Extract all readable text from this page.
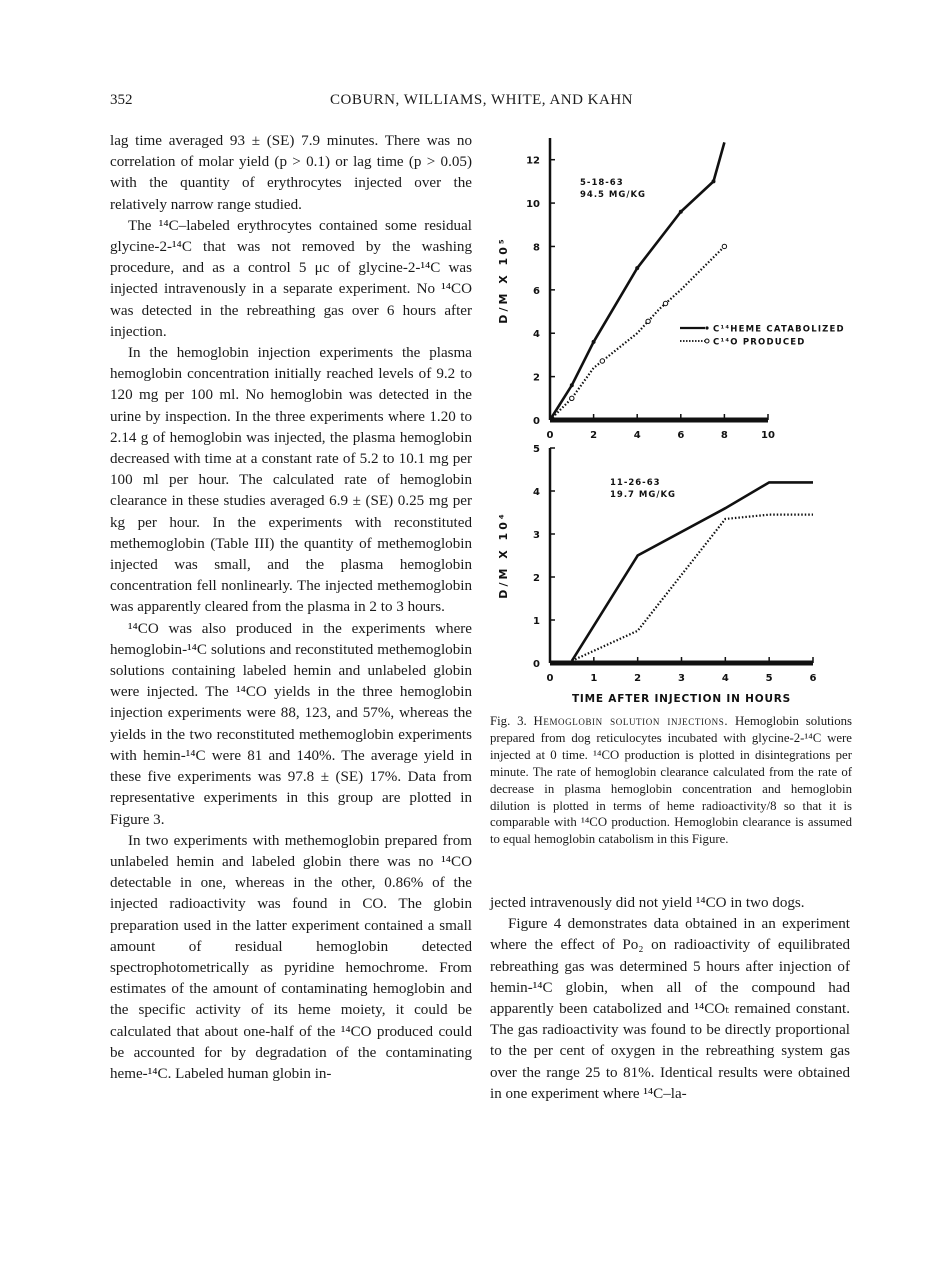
352	COBURN, WILLIAMS, WHITE, AND KAHN

lag time averaged 93 ± (SE) 7.9 minutes. There was no correlation of molar yield (p > 0.1) or lag time (p > 0.05) with the quantity of erythrocytes injected over the relatively narrow range studied.

The ¹⁴C–labeled erythrocytes contained some residual glycine-2-¹⁴C that was not removed by the washing procedure, and as a control 5 μc of glycine-2-¹⁴C was injected intravenously in a separate experiment. No ¹⁴CO was detected in the rebreathing gas over 6 hours after injection.

In the hemoglobin injection experiments the plasma hemoglobin concentration initially reached levels of 9.2 to 120 mg per 100 ml. No hemoglobin was detected in the urine by inspection. In the three experiments where 1.20 to 2.14 g of hemoglobin was injected, the plasma hemoglobin decreased with time at a constant rate of 5.2 to 10.1 mg per 100 ml per hour. The calculated rate of hemoglobin clearance in these studies averaged 6.9 ± (SE) 0.25 mg per kg per hour. In the experiments with reconstituted methemoglobin (Table III) the quantity of methemoglobin injected was small, and the plasma hemoglobin concentration fell nonlinearly. The injected methemoglobin was apparently cleared from the plasma in 2 to 3 hours.

¹⁴CO was also produced in the experiments where hemoglobin-¹⁴C solutions and reconstituted methemoglobin solutions containing labeled hemin and unlabeled globin were injected. The ¹⁴CO yields in the three hemoglobin injection experiments were 88, 123, and 57%, whereas the yields in the two reconstituted methemoglobin experiments with hemin-¹⁴C were 81 and 140%. The average yield in these five experiments was 97.8 ± (SE) 17%. Data from representative experiments in this group are plotted in Figure 3.

In two experiments with methemoglobin prepared from unlabeled hemin and labeled globin there was no ¹⁴CO detectable in one, whereas in the other, 0.86% of the injected radioactivity was found in CO. The globin preparation used in the latter experiment contained a small amount of residual hemoglobin detected spectrophotometrically as pyridine hemochrome. From estimates of the amount of contaminating hemoglobin and the specific activity of its heme moiety, it could be calculated that about one-half of the ¹⁴CO produced could be accounted for by degradation of the contaminating heme-¹⁴C. Labeled human globin in-

0
2
4
6
8
10
12
0	2	4	6	8	10
D/M X 10⁵
5-18-63
94.5 MG/KG
C¹⁴HEME CATABOLIZED
C¹⁴O PRODUCED
0
1
2
3
4
5
0	1	2	3	4	5	6
D/M X 10⁴
11-26-63
19.7 MG/KG
TIME AFTER INJECTION IN HOURS
Fig. 3. Hemoglobin solution injections. Hemoglobin solutions prepared from dog reticulocytes incubated with glycine-2-¹⁴C were injected at 0 time. ¹⁴CO production is plotted in disintegrations per minute. The rate of hemoglobin clearance calculated from the rate of decrease in plasma hemoglobin concentration and hemoglobin dilution is plotted in terms of heme radioactivity/8 so that it is comparable with ¹⁴CO production. Hemoglobin clearance is assumed to equal hemoglobin catabolism in this Figure.

jected intravenously did not yield ¹⁴CO in two dogs.

Figure 4 demonstrates data obtained in an experiment where the effect of Po₂ on radioactivity of equilibrated rebreathing gas was determined 5 hours after injection of hemin-¹⁴C globin, when all of the compound had apparently been catabolized and ¹⁴COₜ remained constant. The gas radioactivity was found to be directly proportional to the per cent of oxygen in the rebreathing system gas over the range 25 to 81%. Identical results were obtained in one experiment where ¹⁴C–la-
